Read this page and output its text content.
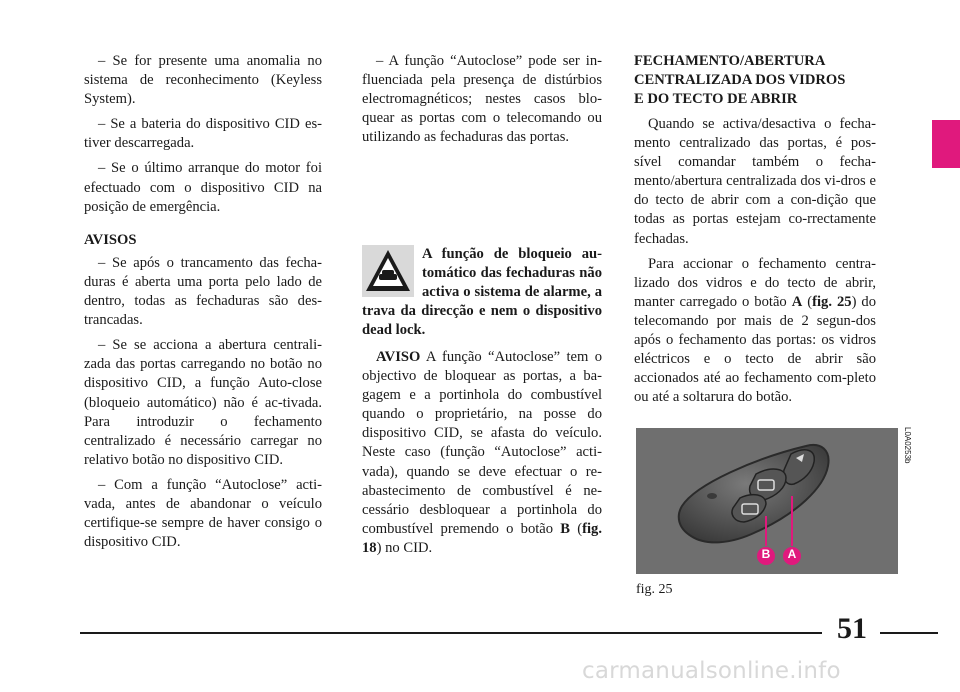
– Se for presente uma anomalia no sistema de reconhecimento (Keyless System).

– Se a bateria do dispositivo CID es-tiver descarregada.

– Se o último arranque do motor foi efectuado com o dispositivo CID na posição de emergência.

AVISOS

– Se após o trancamento das fecha-duras é aberta uma porta pelo lado de dentro, todas as fechaduras são des-trancadas.

– Se se acciona a abertura centrali-zada das portas carregando no botão no dispositivo CID, a função Auto-close (bloqueio automático) não é ac-tivada. Para introduzir o fechamento centralizado é necessário carregar no relativo botão no dispositivo CID.

– Com a função “Autoclose” acti-vada, antes de abandonar o veículo certifique-se sempre de haver consigo o dispositivo CID.

– A função “Autoclose” pode ser in-fluenciada pela presença de distúrbios electromagnéticos; nestes casos blo-quear as portas com o telecomando ou utilizando as fechaduras das portas.

A função de bloqueio au-tomático das fechaduras não activa o sistema de alarme, a trava da direcção e nem o dispositivo dead lock.
AVISO A função “Autoclose” tem o objectivo de bloquear as portas, a ba-gagem e a portinhola do combustível quando o proprietário, na posse do dispositivo CID, se afasta do veículo. Neste caso (função “Autoclose” acti-vada), quando se deve efectuar o re-abastecimento de combustível é ne-cessário desbloquear a portinhola do combustível premendo o botão B (fig. 18) no CID.
FECHAMENTO/ABERTURA
CENTRALIZADA DOS VIDROS
E DO TECTO DE ABRIR

Quando se activa/desactiva o fecha-mento centralizado das portas, é pos-sível comandar também o fecha-mento/abertura centralizada dos vi-dros e do tecto de abrir com a con-dição que todas as portas estejam co-rrectamente fechadas.

Para accionar o fechamento centra-lizado dos vidros e do tecto de abrir, manter carregado o botão A (fig. 25) do telecomando por mais de 2 segun-dos após o fechamento das portas: os vidros eléctricos e o tecto de abrir são accionados até ao fechamento com-pleto ou até a soltarura do botão.

B A
L0A0253b
fig. 25
51
carmanualsonline.info
